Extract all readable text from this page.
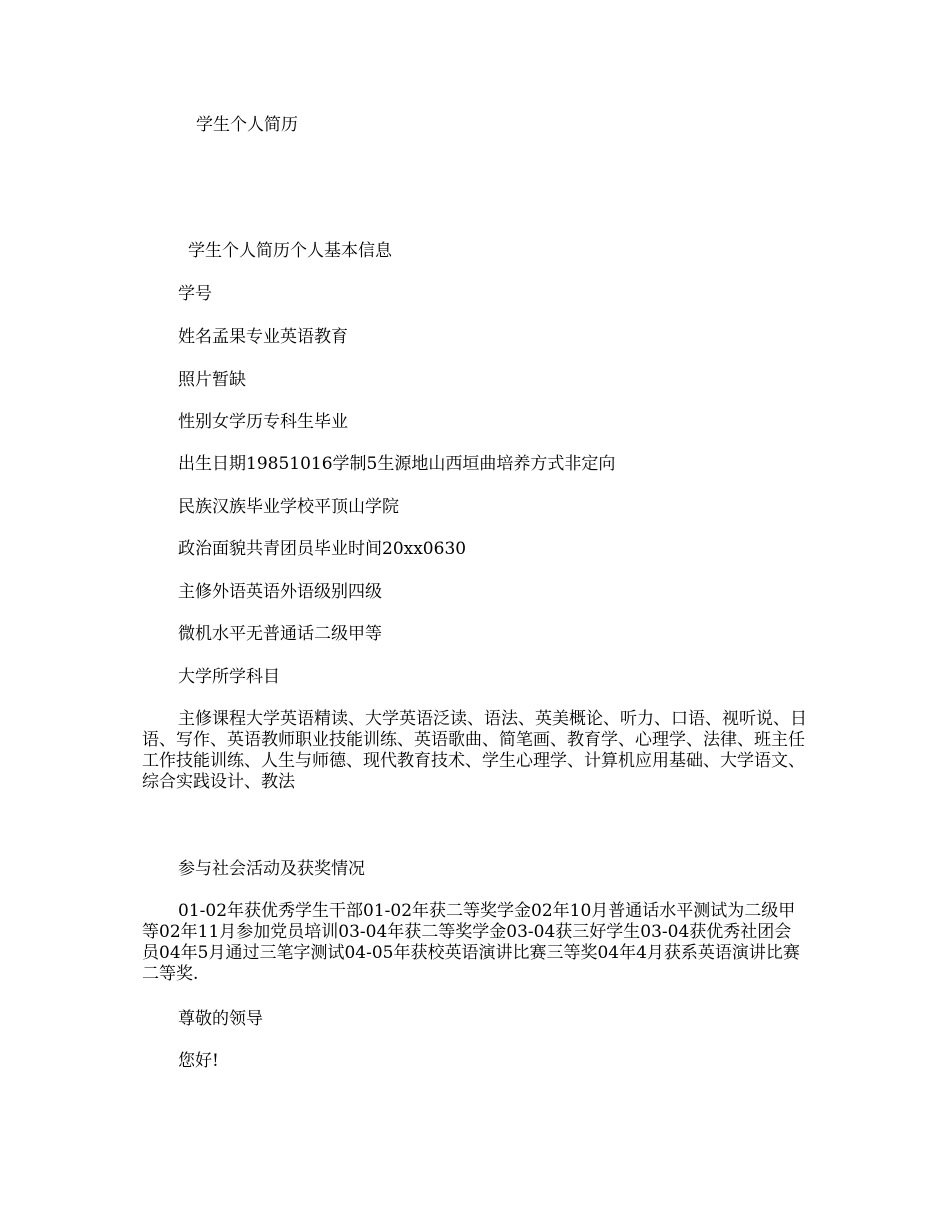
学生个人简历
学生个人简历个人基本信息
学号
姓名孟果专业英语教育
照片暂缺
性别女学历专科生毕业
出生日期19851016学制5生源地山西垣曲培养方式非定向
民族汉族毕业学校平顶山学院
政治面貌共青团员毕业时间20xx0630
主修外语英语外语级别四级
微机水平无普通话二级甲等
大学所学科目
主修课程大学英语精读、大学英语泛读、语法、英美概论、听力、口语、视听说、日语、写作、英语教师职业技能训练、英语歌曲、简笔画、教育学、心理学、法律、班主任工作技能训练、人生与师德、现代教育技术、学生心理学、计算机应用基础、大学语文、综合实践设计、教法
参与社会活动及获奖情况
01-02年获优秀学生干部01-02年获二等奖学金02年10月普通话水平测试为二级甲等02年11月参加党员培训03-04年获二等奖学金03-04获三好学生03-04获优秀社团会员04年5月通过三笔字测试04-05年获校英语演讲比赛三等奖04年4月获系英语演讲比赛二等奖.
尊敬的领导
您好!
